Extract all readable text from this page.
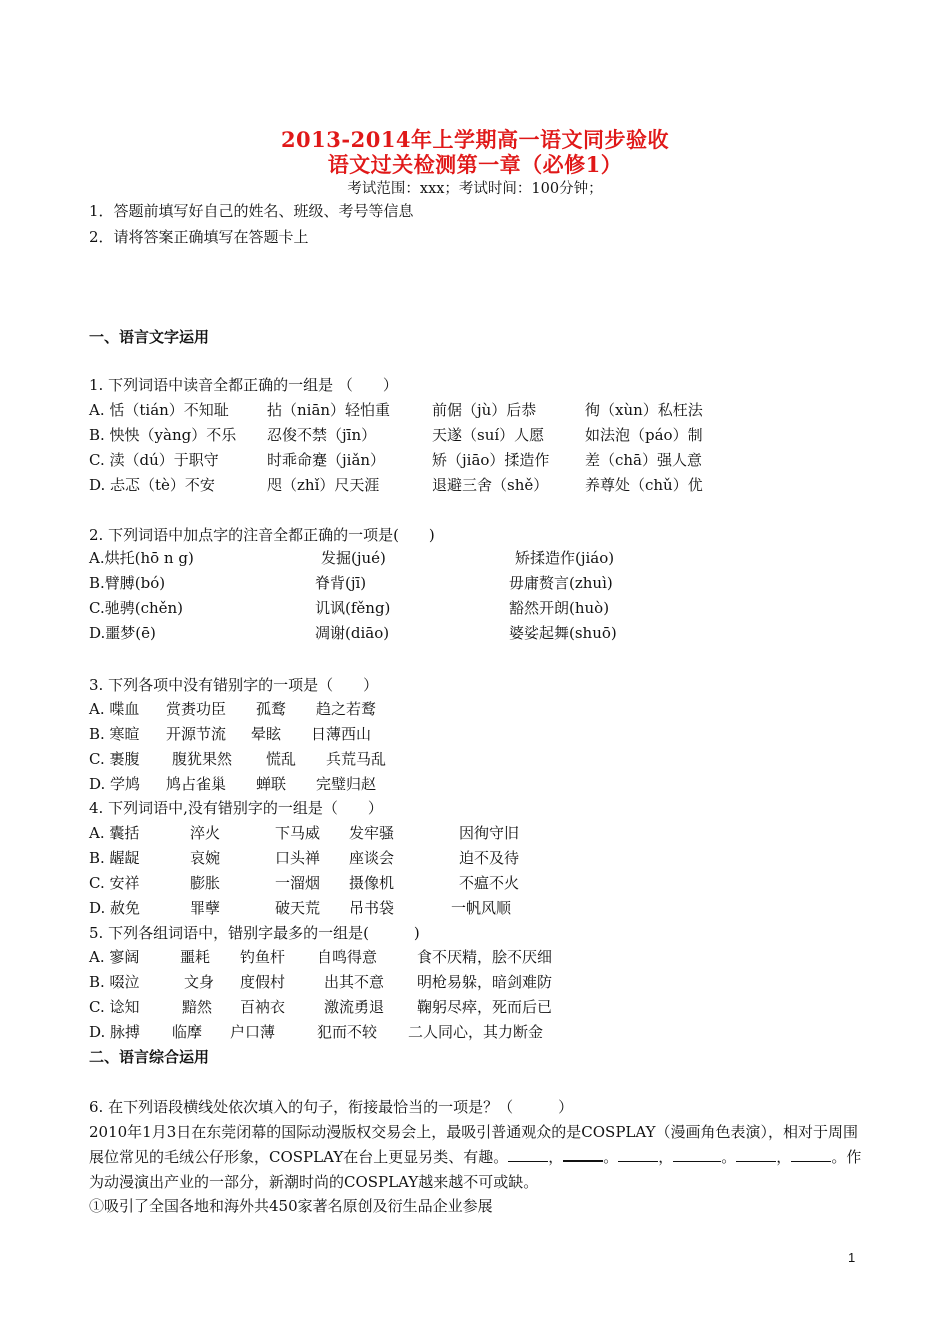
2013-2014年上学期高一语文同步验收
语文过关检测第一章（必修1）
考试范围：xxx；考试时间：100分钟；
1．答题前填写好自己的姓名、班级、考号等信息
2．请将答案正确填写在答题卡上
一、语言文字运用
1. 下列词语中读音全都正确的一组是 （　　）
A. 恬（tián）不知耻	拈（niān）轻怕重	前倨（jù）后恭	徇（xùn）私枉法
B. 怏怏（yàng）不乐 忍俊不禁（jīn）	天遂（suí）人愿	如法泡（páo）制
C. 渎（dú）于职守	时乖命蹇（jiǎn）	矫（jiāo）揉造作 差（chā）强人意
D. 忐忑（tè）不安	咫（zhǐ）尺天涯	退避三舍（shě） 养尊处（chǔ）优
2. 下列词语中加点字的注音全都正确的一项是(　　)
A.烘托(hō n g)	发掘(jué)	矫揉造作(jiáo)
B.臂膊(bó)	脊背(jī)	毋庸赘言(zhuì)
C.驰骋(chěn)	讥讽(fěng)	豁然开朗(huò)
D.噩梦(ē)	凋谢(diāo)	婆娑起舞(shuō)
3. 下列各项中没有错别字的一项是（　　）
A. 喋血 赏赉功臣 孤鹜 趋之若鹜
B. 寒暄 开源节流 晕眩 日薄西山
C. 裹腹 腹犹果然 慌乱 兵荒马乱
D. 学鸠 鸠占雀巢 蝉联 完璧归赵
4. 下列词语中,没有错别字的一组是（　　）
A. 囊括	淬火	下马威 发牢骚	因徇守旧
B. 龌龊	哀婉	口头禅 座谈会	迫不及待
C. 安祥	膨胀	一溜烟 摄像机	不瘟不火
D. 赦免	罪孽	破天荒 吊书袋	一帆风顺
5. 下列各组词语中，错别字最多的一组是(　　　)
A. 寥阔	噩耗 钓鱼杆 自鸣得意	食不厌精，脍不厌细
B. 啜泣	文身 度假村	出其不意 明枪易躲，暗剑难防
C. 谂知	黯然 百衲衣	激流勇退 鞠躬尽瘁，死而后已
D. 脉搏 临摩 户口薄	犯而不较 二人同心，其力断金
二、语言综合运用
6. 在下列语段横线处依次填入的句子，衔接最恰当的一项是？（　　　）
2010年1月3日在东莞闭幕的国际动漫版权交易会上，最吸引普通观众的是COSPLAY（漫画角色表演），相对于周围展位常见的毛绒公仔形象，COSPLAY在台上更显另类、有趣。	，	。	，	。	，	。作为动漫演出产业的一部分，新潮时尚的COSPLAY越来越不可或缺。
①吸引了全国各地和海外共450家著名原创及衍生品企业参展
1
